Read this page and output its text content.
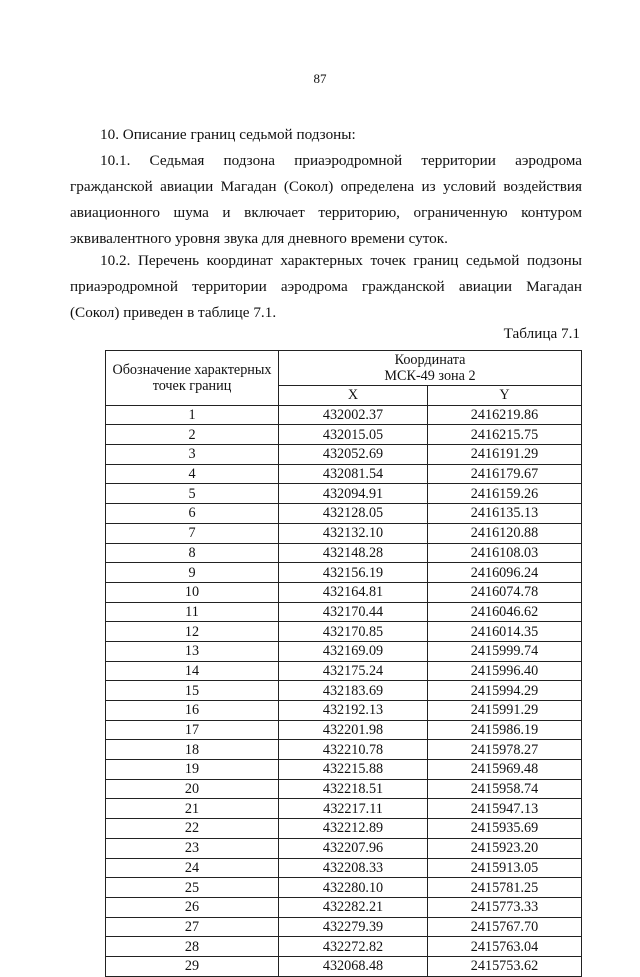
87

10. Описание границ седьмой подзоны:

10.1. Седьмая подзона приаэродромной территории аэродрома гражданской авиации Магадан (Сокол) определена из условий воздействия авиационного шума и включает территорию, ограниченную контуром эквивалентного уровня звука для дневного времени суток.

10.2. Перечень координат характерных точек границ седьмой подзоны приаэродромной территории аэродрома гражданской авиации Магадан (Сокол) приведен в таблице 7.1.

Таблица 7.1
Обозначение характерных точек границ	Координата
МСК-49 зона 2	
	X	Y
1	432002.37	2416219.86
2	432015.05	2416215.75
3	432052.69	2416191.29
4	432081.54	2416179.67
5	432094.91	2416159.26
6	432128.05	2416135.13
7	432132.10	2416120.88
8	432148.28	2416108.03
9	432156.19	2416096.24
10	432164.81	2416074.78
11	432170.44	2416046.62
12	432170.85	2416014.35
13	432169.09	2415999.74
14	432175.24	2415996.40
15	432183.69	2415994.29
16	432192.13	2415991.29
17	432201.98	2415986.19
18	432210.78	2415978.27
19	432215.88	2415969.48
20	432218.51	2415958.74
21	432217.11	2415947.13
22	432212.89	2415935.69
23	432207.96	2415923.20
24	432208.33	2415913.05
25	432280.10	2415781.25
26	432282.21	2415773.33
27	432279.39	2415767.70
28	432272.82	2415763.04
29	432068.48	2415753.62
